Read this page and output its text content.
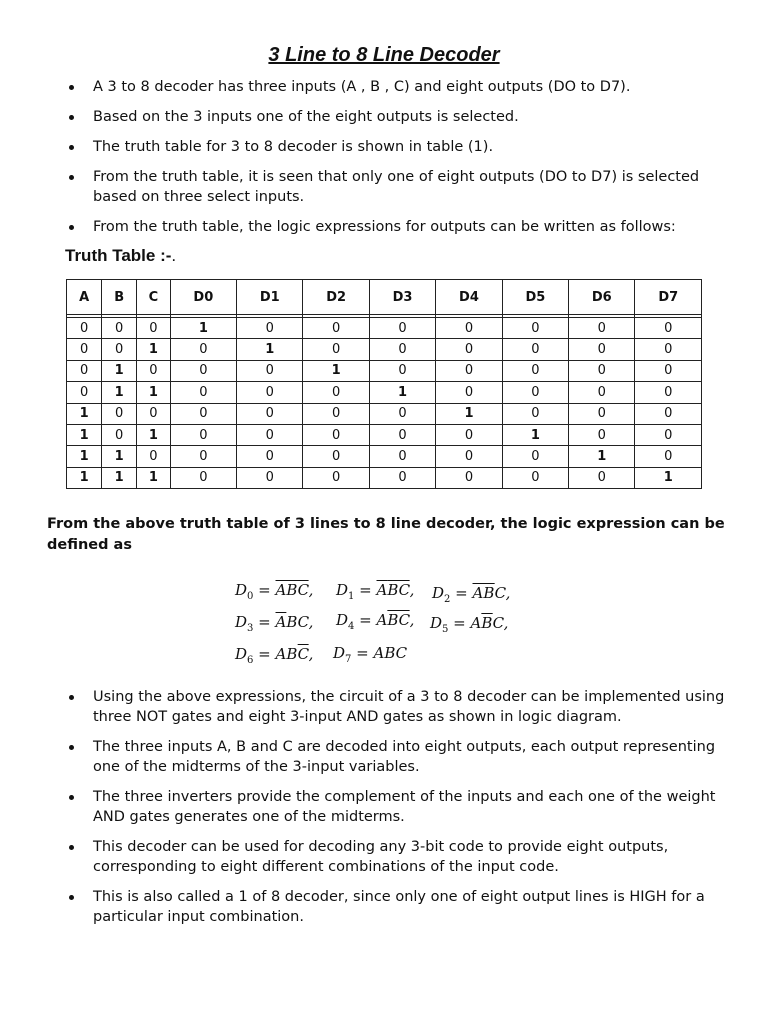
3 Line to 8 Line Decoder
A 3 to 8 decoder has three inputs (A , B , C) and eight outputs (DO to D7).
Based on the 3 inputs one of the eight outputs is selected.
The truth table for 3 to 8 decoder is shown in table (1).
From the truth table, it is seen that only one of eight outputs (DO to D7) is selected based on three select inputs.
From the truth table, the logic expressions for outputs can be written as follows:
Truth Table :-.
A	B	C	D0	D1	D2	D3	D4	D5	D6	D7

0	0	0	1	0	0	0	0	0	0	0
0	0	1	0	1	0	0	0	0	0	0
0	1	0	0	0	1	0	0	0	0	0
0	1	1	0	0	0	1	0	0	0	0
1	0	0	0	0	0	0	1	0	0	0
1	0	1	0	0	0	0	0	1	0	0
1	1	0	0	0	0	0	0	0	1	0
1	1	1	0	0	0	0	0	0	0	1
From the above truth table of 3 lines to 8 line decoder, the logic expression can be defined as
$D_0 = \overline{ABC}$, $D_1 = \overline{A}\overline{BC}$, $D_2 = \overline{AB}C$,
$D_3 = \overline{A}BC$, $D_4 = A\overline{BC}$, $D_5 = A\overline{B}C$,
$D_6 = AB\overline{C}$, $D_7$ = ABC
Using the above expressions, the circuit of a 3 to 8 decoder can be implemented using three NOT gates and eight 3-input AND gates as shown in logic diagram.
The three inputs A, B and C are decoded into eight outputs, each output representing one of the midterms of the 3-input variables.
The three inverters provide the complement of the inputs and each one of the weight AND gates generates one of the midterms.
This decoder can be used for decoding any 3-bit code to provide eight outputs, corresponding to eight different combinations of the input code.
This is also called a 1 of 8 decoder, since only one of eight output lines is HIGH for a particular input combination.
